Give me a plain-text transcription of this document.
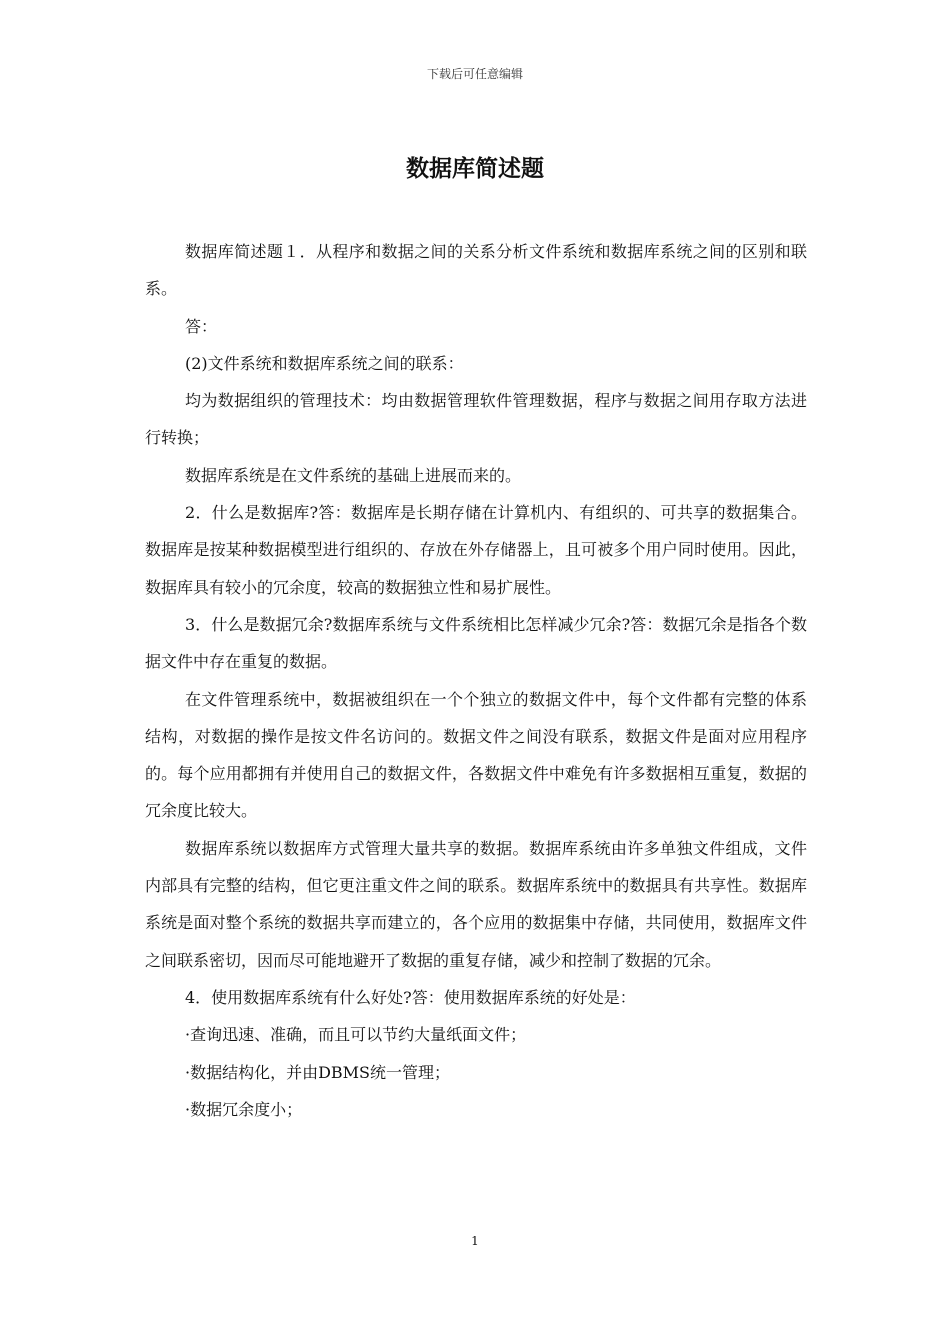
下载后可任意编辑
数据库简述题

数据库简述题１．从程序和数据之间的关系分析文件系统和数据库系统之间的区别和联系。

答：

(2)文件系统和数据库系统之间的联系：

均为数据组织的管理技术：均由数据管理软件管理数据，程序与数据之间用存取方法进行转换；

数据库系统是在文件系统的基础上进展而来的。

2．什么是数据库?答：数据库是长期存储在计算机内、有组织的、可共享的数据集合。数据库是按某种数据模型进行组织的、存放在外存储器上，且可被多个用户同时使用。因此，数据库具有较小的冗余度，较高的数据独立性和易扩展性。

3．什么是数据冗余?数据库系统与文件系统相比怎样减少冗余?答：数据冗余是指各个数据文件中存在重复的数据。

在文件管理系统中，数据被组织在一个个独立的数据文件中，每个文件都有完整的体系结构，对数据的操作是按文件名访问的。数据文件之间没有联系，数据文件是面对应用程序的。每个应用都拥有并使用自己的数据文件，各数据文件中难免有许多数据相互重复，数据的冗余度比较大。

数据库系统以数据库方式管理大量共享的数据。数据库系统由许多单独文件组成，文件内部具有完整的结构，但它更注重文件之间的联系。数据库系统中的数据具有共享性。数据库系统是面对整个系统的数据共享而建立的，各个应用的数据集中存储，共同使用，数据库文件之间联系密切，因而尽可能地避开了数据的重复存储，减少和控制了数据的冗余。

4．使用数据库系统有什么好处?答：使用数据库系统的好处是：

·查询迅速、准确，而且可以节约大量纸面文件；

·数据结构化，并由DBMS统一管理；

·数据冗余度小；

1
